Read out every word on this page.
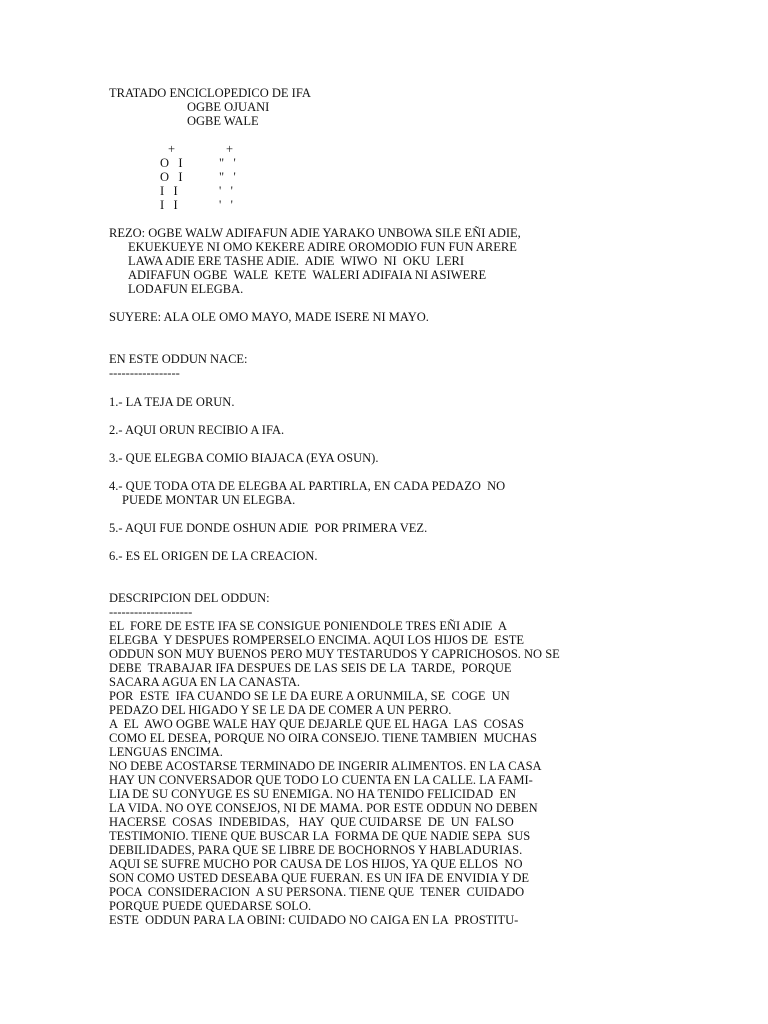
TRATADO ENCICLOPEDICO DE IFA
OGBE OJUANI
OGBE WALE
+	+
O   I	"   '
O   I	"   '
I   I	'   '
I   I	'   '
REZO: OGBE WALW ADIFAFUN ADIE YARAKO UNBOWA SILE EÑI ADIE,
EKUEKUEYE NI OMO KEKERE ADIRE OROMODIO FUN FUN ARERE
LAWA ADIE ERE TASHE ADIE.  ADIE  WIWO  NI  OKU  LERI
ADIFAFUN OGBE  WALE  KETE  WALERI ADIFAIA NI ASIWERE
LODAFUN ELEGBA.
SUYERE: ALA OLE OMO MAYO, MADE ISERE NI MAYO.
EN ESTE ODDUN NACE:
-----------------
1.- LA TEJA DE ORUN.
2.- AQUI ORUN RECIBIO A IFA.
3.- QUE ELEGBA COMIO BIAJACA (EYA OSUN).
4.- QUE TODA OTA DE ELEGBA AL PARTIRLA, EN CADA PEDAZO  NO
PUEDE MONTAR UN ELEGBA.
5.- AQUI FUE DONDE OSHUN ADIE  POR PRIMERA VEZ.
6.- ES EL ORIGEN DE LA CREACION.
DESCRIPCION DEL ODDUN:
--------------------
EL  FORE DE ESTE IFA SE CONSIGUE PONIENDOLE TRES EÑI ADIE  A
ELEGBA  Y DESPUES ROMPERSELO ENCIMA. AQUI LOS HIJOS DE  ESTE
ODDUN SON MUY BUENOS PERO MUY TESTARUDOS Y CAPRICHOSOS. NO SE
DEBE  TRABAJAR IFA DESPUES DE LAS SEIS DE LA  TARDE,  PORQUE
SACARA AGUA EN LA CANASTA.
POR  ESTE  IFA CUANDO SE LE DA EURE A ORUNMILA, SE  COGE  UN
PEDAZO DEL HIGADO Y SE LE DA DE COMER A UN PERRO.
A  EL  AWO OGBE WALE HAY QUE DEJARLE QUE EL HAGA  LAS  COSAS
COMO EL DESEA, PORQUE NO OIRA CONSEJO. TIENE TAMBIEN  MUCHAS
LENGUAS ENCIMA.
NO DEBE ACOSTARSE TERMINADO DE INGERIR ALIMENTOS. EN LA CASA
HAY UN CONVERSADOR QUE TODO LO CUENTA EN LA CALLE. LA FAMI-
LIA DE SU CONYUGE ES SU ENEMIGA. NO HA TENIDO FELICIDAD  EN
LA VIDA. NO OYE CONSEJOS, NI DE MAMA. POR ESTE ODDUN NO DEBEN
HACERSE  COSAS  INDEBIDAS,   HAY  QUE CUIDARSE  DE  UN  FALSO
TESTIMONIO. TIENE QUE BUSCAR LA  FORMA DE QUE NADIE SEPA  SUS
DEBILIDADES, PARA QUE SE LIBRE DE BOCHORNOS Y HABLADURIAS.
AQUI SE SUFRE MUCHO POR CAUSA DE LOS HIJOS, YA QUE ELLOS  NO
SON COMO USTED DESEABA QUE FUERAN. ES UN IFA DE ENVIDIA Y DE
POCA  CONSIDERACION  A SU PERSONA. TIENE QUE  TENER  CUIDADO
PORQUE PUEDE QUEDARSE SOLO.
ESTE  ODDUN PARA LA OBINI: CUIDADO NO CAIGA EN LA  PROSTITU-
